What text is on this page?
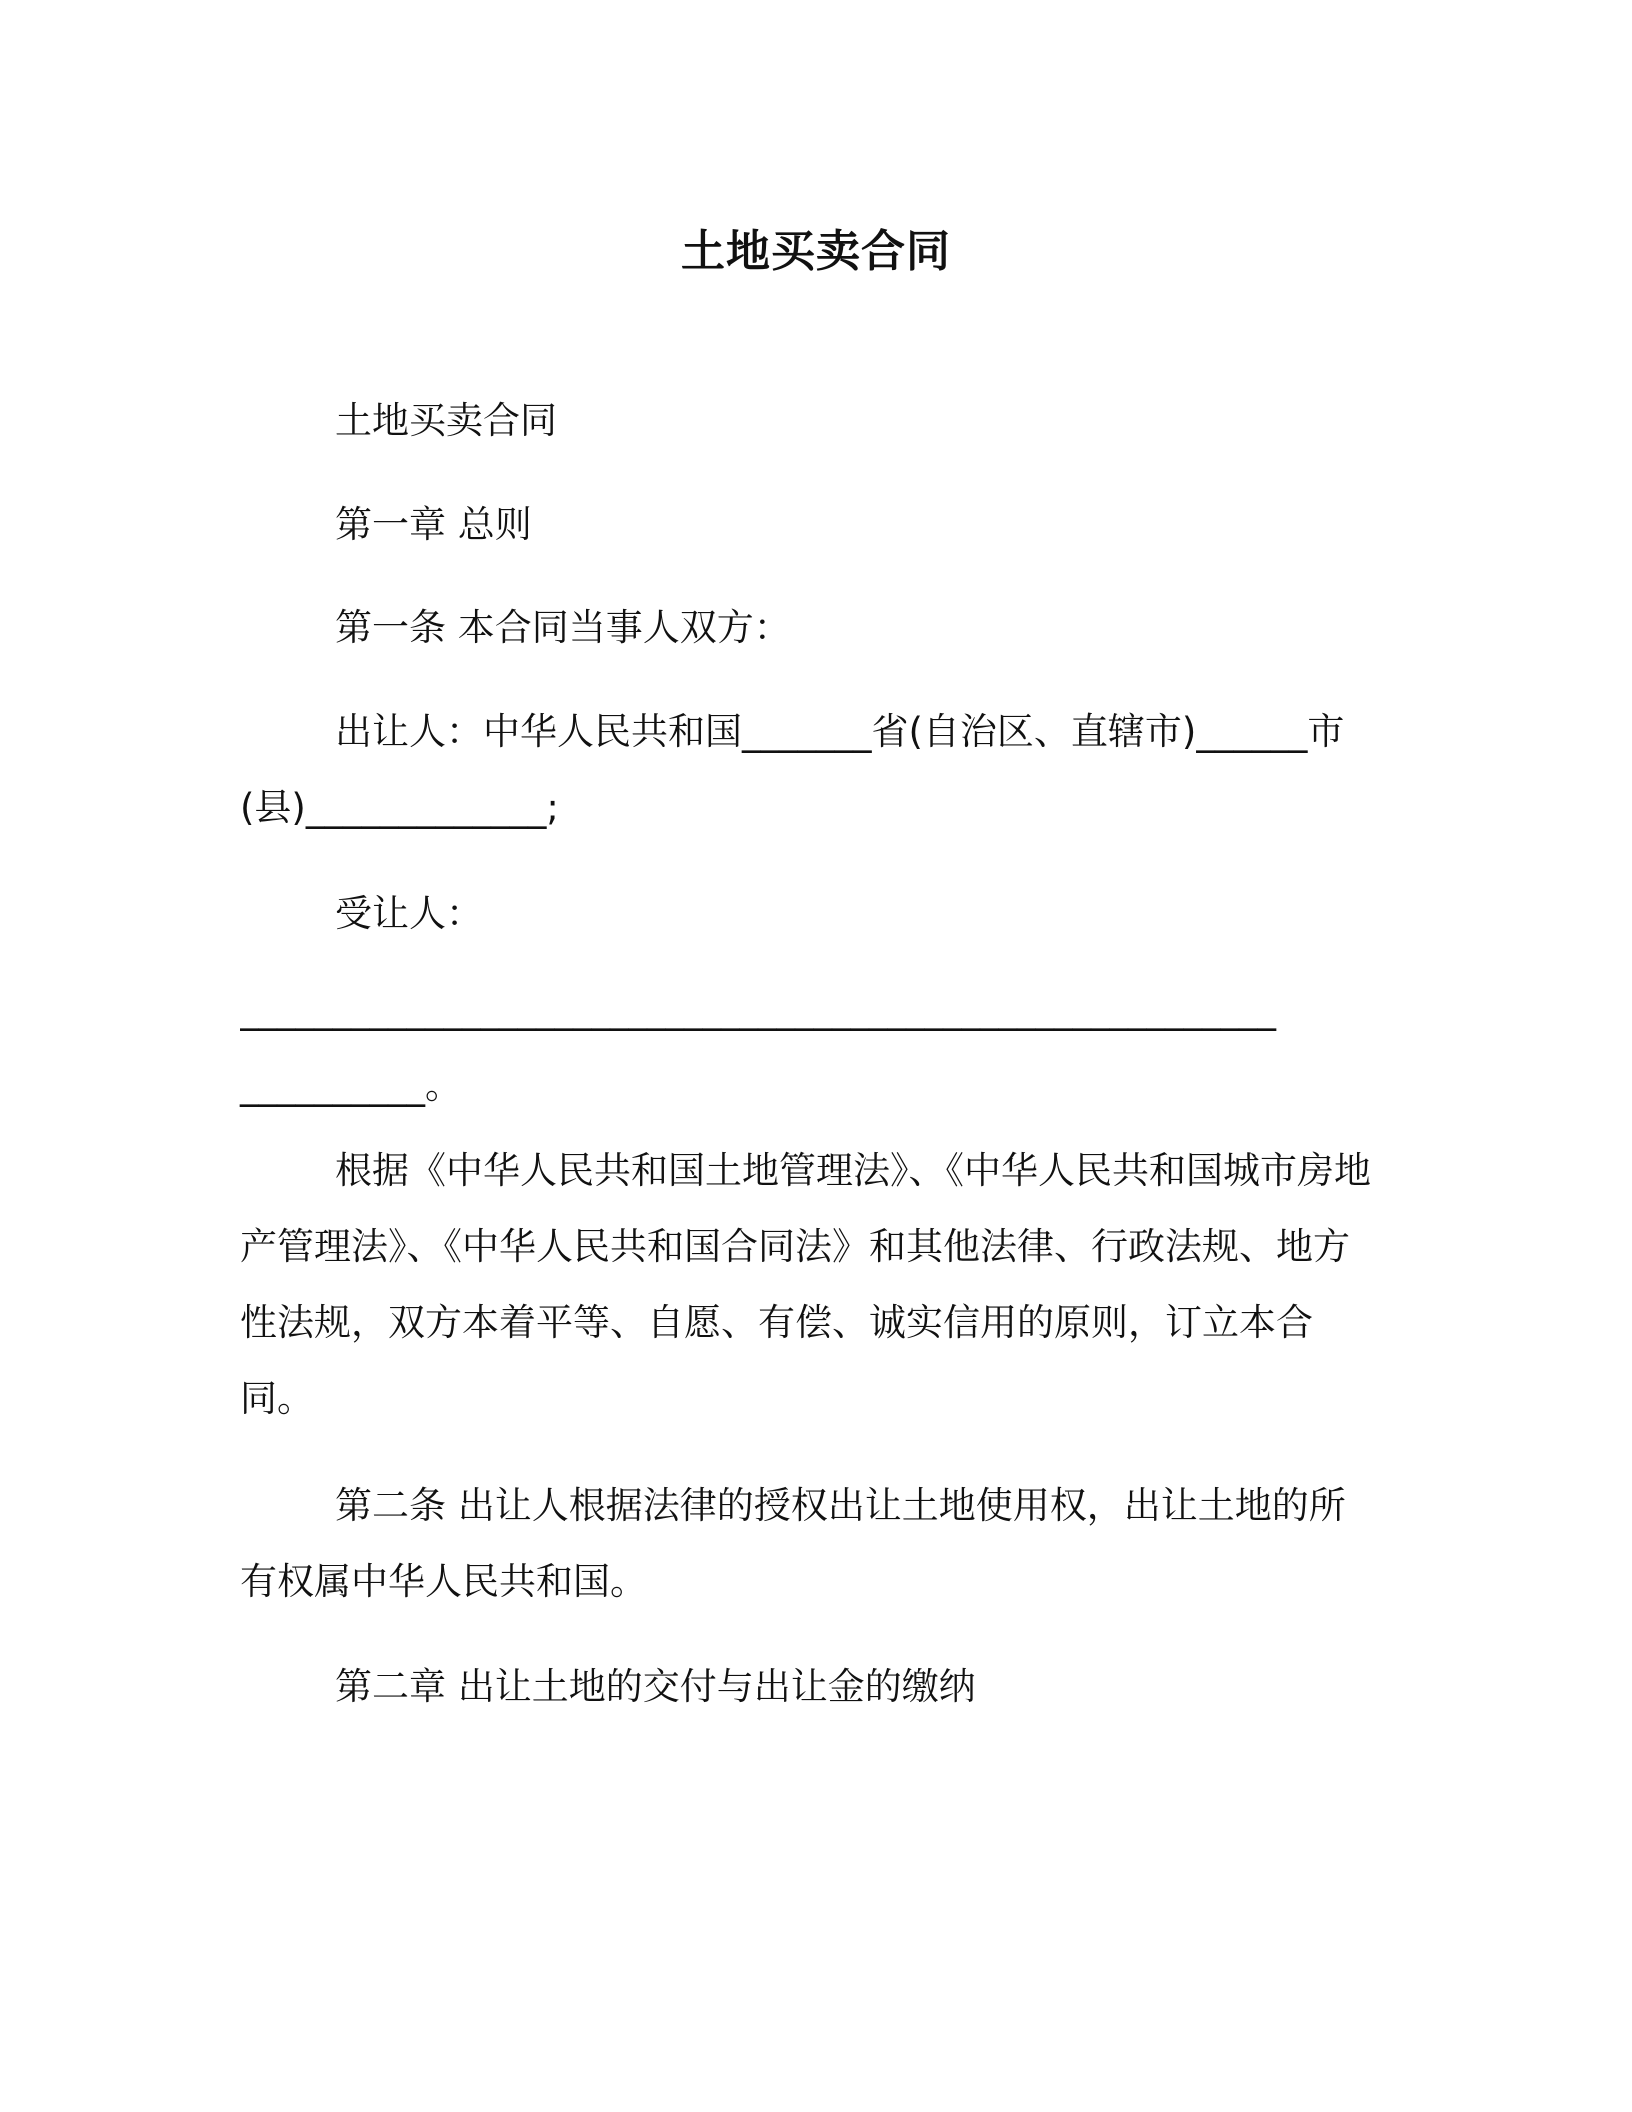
土地买卖合同
土地买卖合同
第一章 总则
第一条 本合同当事人双方：
出让人：中华人民共和国_______省(自治区、直辖市)______市(县)_____________;
受让人：
________________________________________________________
__________。
根据《中华人民共和国土地管理法》、《中华人民共和国城市房地产管理法》、《中华人民共和国合同法》和其他法律、行政法规、地方性法规，双方本着平等、自愿、有偿、诚实信用的原则，订立本合同。
第二条 出让人根据法律的授权出让土地使用权，出让土地的所有权属中华人民共和国。
第二章 出让土地的交付与出让金的缴纳
